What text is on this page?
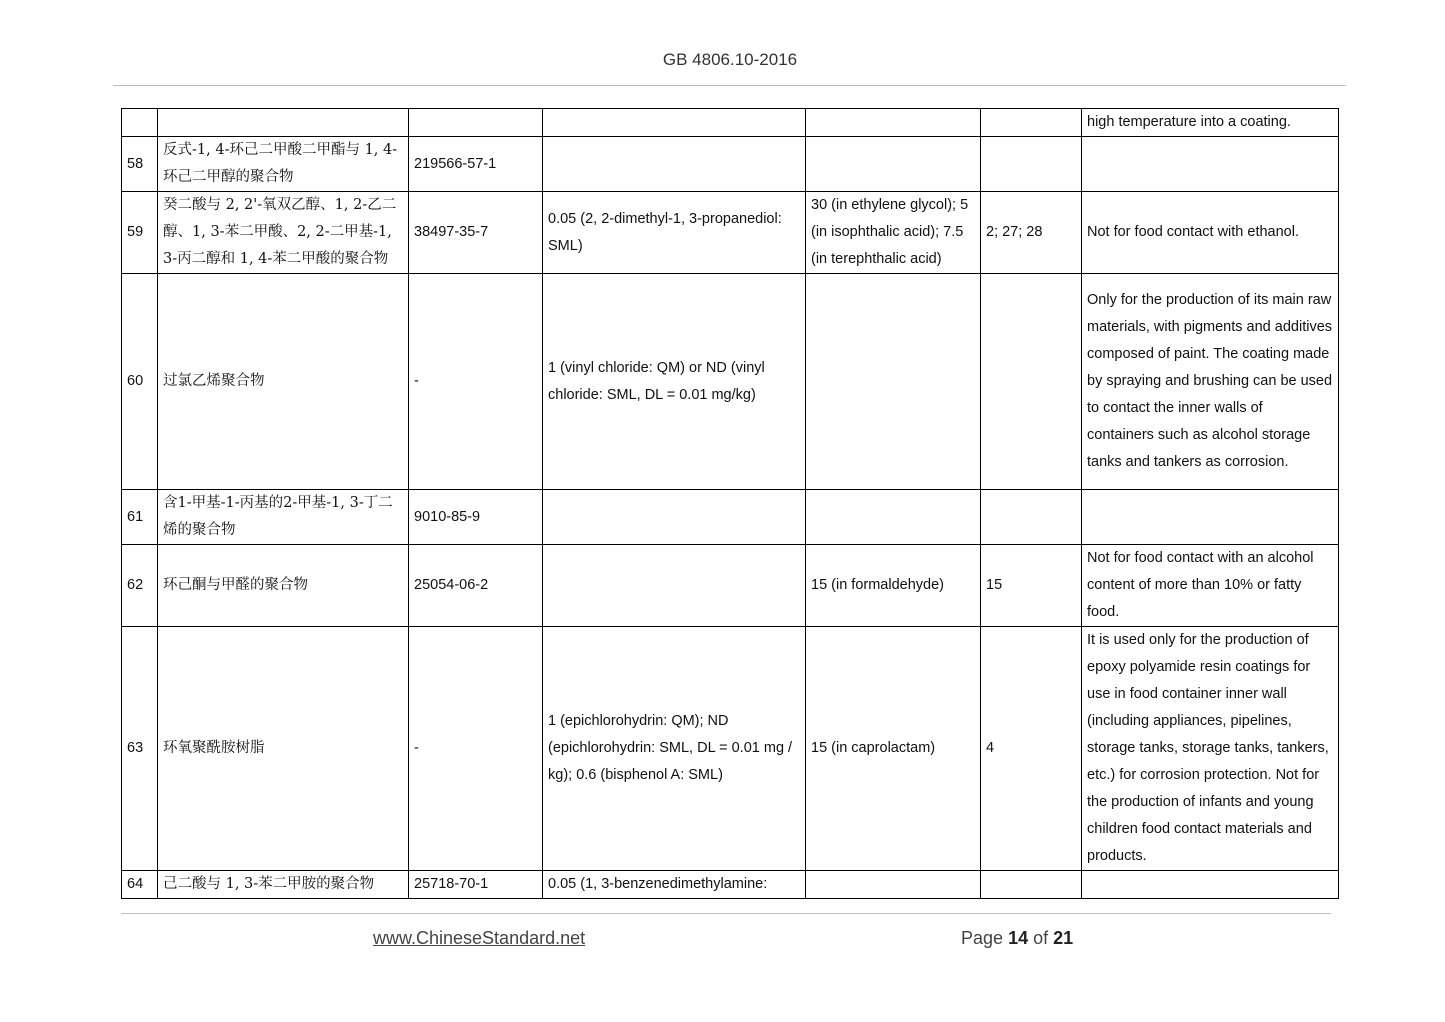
GB 4806.10-2016
						high temperature into a coating.
58	反式-1, 4-环己二甲酸二甲酯与 1, 4-环己二甲醇的聚合物	219566-57-1				
59	癸二酸与 2, 2'-氧双乙醇、1, 2-乙二醇、1, 3-苯二甲酸、2, 2-二甲基-1, 3-丙二醇和 1, 4-苯二甲酸的聚合物	38497-35-7	0.05 (2, 2-dimethyl-1, 3-propanediol: SML)	30 (in ethylene glycol); 5 (in isophthalic acid); 7.5 (in terephthalic acid)	2; 27; 28	Not for food contact with ethanol.
60	过氯乙烯聚合物	-	1 (vinyl chloride: QM) or ND (vinyl chloride: SML, DL = 0.01 mg/kg)			Only for the production of its main raw materials, with pigments and additives composed of paint. The coating made by spraying and brushing can be used to contact the inner walls of containers such as alcohol storage tanks and tankers as corrosion.
61	含1-甲基-1-丙基的2-甲基-1, 3-丁二烯的聚合物	9010-85-9				
62	环己酮与甲醛的聚合物	25054-06-2		15 (in formaldehyde)	15	Not for food contact with an alcohol content of more than 10% or fatty food.
63	环氧聚酰胺树脂	-	1 (epichlorohydrin: QM); ND (epichlorohydrin: SML, DL = 0.01 mg / kg); 0.6 (bisphenol A: SML)	15 (in caprolactam)	4	It is used only for the production of epoxy polyamide resin coatings for use in food container inner wall (including appliances, pipelines, storage tanks, storage tanks, tankers, etc.) for corrosion protection. Not for the production of infants and young children food contact materials and products.
64	己二酸与 1, 3-苯二甲胺的聚合物	25718-70-1	0.05 (1, 3-benzenedimethylamine:			
www.ChineseStandard.net	Page 14 of 21
